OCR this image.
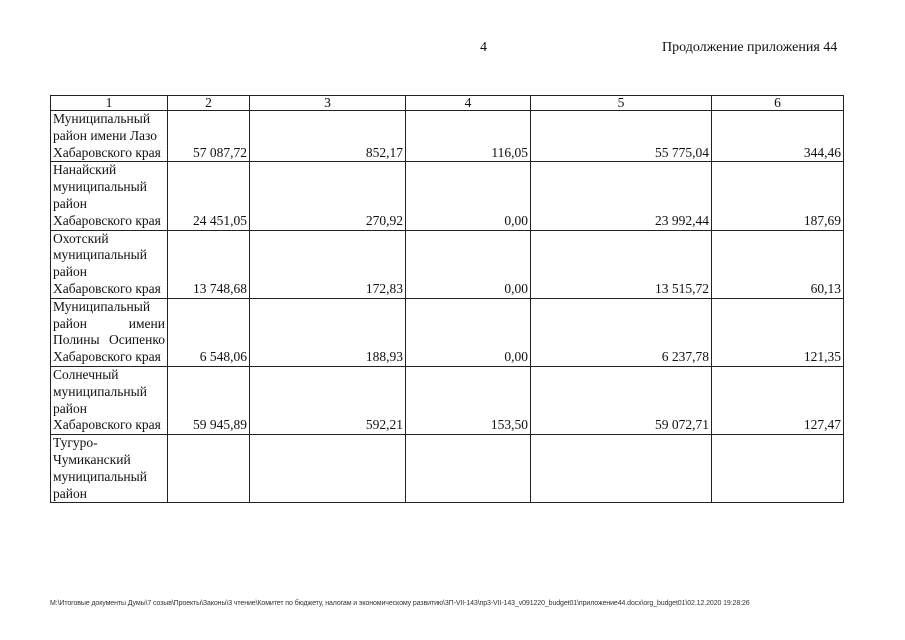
4	Продолжение приложения 44
1	2	3	4	5	6

Муниципальный район имени Лазо Хабаровского края	57 087,72	852,17	116,05	55 775,04	344,46

Нанайский муниципальный район Хабаровского края	24 451,05	270,92	0,00	23 992,44	187,69

Охотский муниципальный район Хабаровского края	13 748,68	172,83	0,00	13 515,72	60,13

Муниципальный район имени Полины Осипенко Хабаровского края	6 548,06	188,93	0,00	6 237,78	121,35

Солнечный муниципальный район Хабаровского края	59 945,89	592,21	153,50	59 072,71	127,47

Тугуро-Чумиканский муниципальный район					

M:\Итоговые документы Думы\7 созыв\Проекты\Законы\3 чтение\Комитет по бюджету, налогам и экономическому развитию\3П-VII-143\пр3-VII-143_v091220_budget01\приложение44.docx\org_budget01\02.12.2020 19:28:26
